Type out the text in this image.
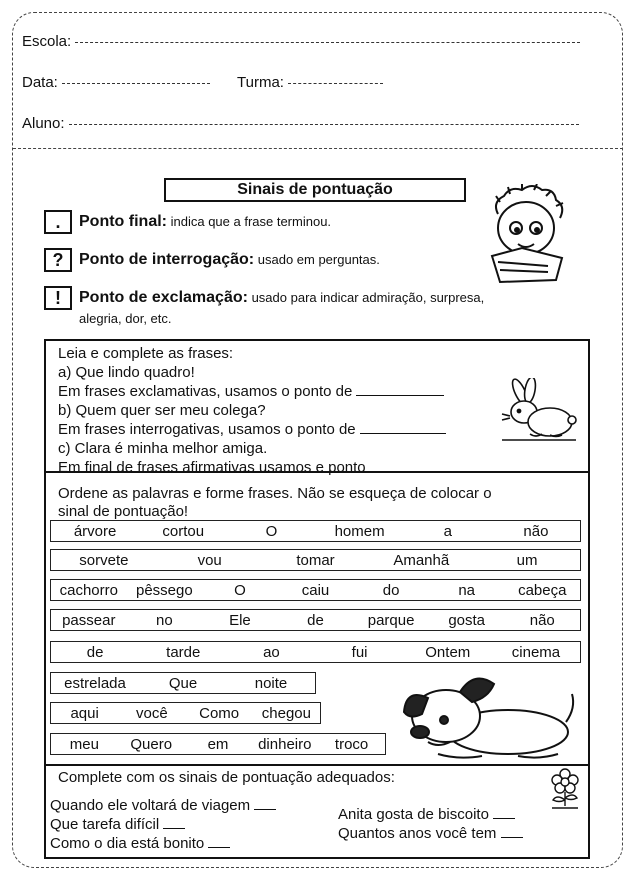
Escola:
Data:	Turma:
Aluno:
Sinais de pontuação
.	Ponto final: indica que a frase terminou.
? Ponto de interrogação: usado em perguntas.
!	Ponto de exclamação: usado para indicar admiração, surpresa,
alegria, dor, etc.
Leia e complete as frases:
a) Que lindo quadro!
Em frases exclamativas, usamos o ponto de
b) Quem quer ser meu colega?
Em frases interrogativas, usamos o ponto de
c) Clara é minha melhor amiga.
Em final de frases afirmativas usamos e ponto
Ordene as palavras e forme frases. Não se esqueça de colocar o
sinal de pontuação!
árvore	cortou	O	homem	a	não
sorvete	vou	tomar	Amanhã	um
cachorro	pêssego	O	caiu	do	na	cabeça
passear	no	Ele	de	parque	gosta	não
de	tarde	ao	fui	Ontem	cinema
estrelada	Que	noite
aqui	você	Como	chegou
meu	Quero	em	dinheiro	troco
Complete com os sinais de pontuação adequados:
Quando ele voltará de viagem
Que tarefa difícil
Como o dia está bonito
Anita gosta de biscoito
Quantos anos você tem
